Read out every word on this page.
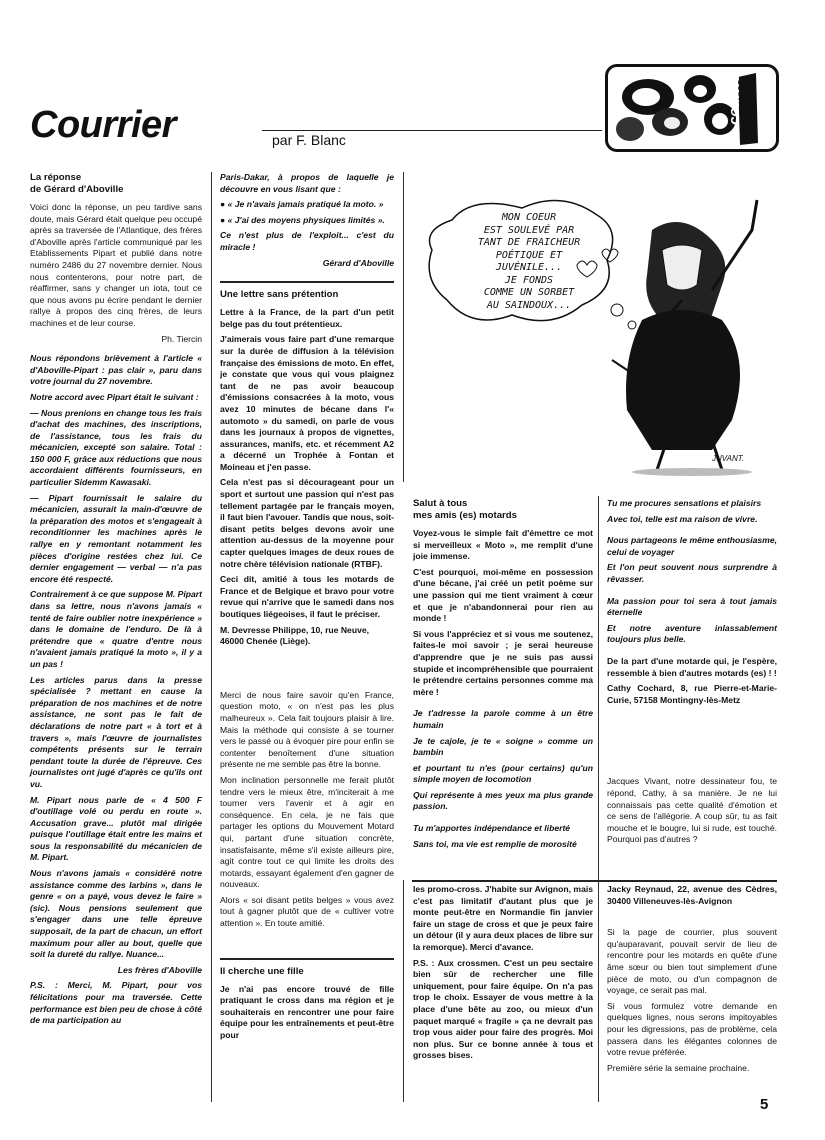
Courrier	par F. Blanc
courrier
La réponse
de Gérard d'Aboville

Voici donc la réponse, un peu tardive sans doute, mais Gérard était quelque peu occupé après sa traversée de l'Atlantique, des frères d'Aboville après l'article communiqué par les Etablissements Pipart et publié dans notre numéro 2486 du 27 novembre dernier. Nous nous contenterons, pour notre part, de réaffirmer, sans y changer un iota, tout ce que nous avons pu écrire pendant le dernier rallye à propos des cinq frères, de leurs machines et de leur course.

Ph. Tiercin

Nous répondons brièvement à l'article « d'Aboville-Pipart : pas clair », paru dans votre journal du 27 novembre.

Notre accord avec Pipart était le suivant :

— Nous prenions en change tous les frais d'achat des machines, des inscriptions, de l'assistance, tous les frais du mécanicien, excepté son salaire. Total : 150 000 F, grâce aux réductions que nous accordaient différents fournisseurs, en particulier Sidemm Kawasaki.

— Pipart fournissait le salaire du mécanicien, assurait la main-d'œuvre de la préparation des motos et s'engageait à reconditionner les machines après le rallye en y remontant notamment les pièces d'origine restées chez lui. Ce dernier engagement — verbal — n'a pas encore été respecté.

Contrairement à ce que suppose M. Pipart dans sa lettre, nous n'avons jamais « tenté de faire oublier notre inexpérience » dans le domaine de l'enduro. De là à prétendre que « quatre d'entre nous n'avaient jamais pratiqué la moto », il y a un pas !

Les articles parus dans la presse spécialisée ? mettant en cause la préparation de nos machines et de notre assistance, ne sont pas le fait de déclarations de notre part « à tort et à travers », mais l'œuvre de journalistes compétents présents sur le terrain pendant toute la durée de l'épreuve. Ces journalistes ont jugé d'après ce qu'ils ont vu.

M. Pipart nous parle de « 4 500 F d'outillage volé ou perdu en route ». Accusation grave... plutôt mal dirigée puisque l'outillage était entre les mains et sous la responsabilité du mécanicien de M. Pipart.

Nous n'avons jamais « considéré notre assistance comme des larbins », dans le genre « on a payé, vous devez le faire » (sic). Nous pensions seulement que s'engager dans une telle épreuve supposait, de la part de chacun, un effort maximum pour aller au bout, quelle que soit la dureté du rallye. Nuance...

Les frères d'Aboville

P.S. : Merci, M. Pipart, pour vos félicitations pour ma traversée. Cette performance est bien peu de chose à côté de ma participation au

Paris-Dakar, à propos de laquelle je découvre en vous lisant que :

● « Je n'avais jamais pratiqué la moto. »

● « J'ai des moyens physiques limités ».

Ce n'est plus de l'exploit... c'est du miracle !

Gérard d'Aboville

Une lettre sans prétention

Lettre à la France, de la part d'un petit belge pas du tout prétentieux.

J'aimerais vous faire part d'une remarque sur la durée de diffusion à la télévision française des émissions de moto. En effet, je constate que vous qui vous plaignez tant de ne pas avoir beaucoup d'émissions consacrées à la moto, vous avez 10 minutes de bécane dans l'« automoto » du samedi, on parle de vous dans les journaux à propos de vignettes, assurances, manifs, etc. et récemment A2 a décerné un Trophée à Fontan et Moineau et j'en passe.

Cela n'est pas si décourageant pour un sport et surtout une passion qui n'est pas tellement partagée par le français moyen, il faut bien l'avouer. Tandis que nous, soit-disant petits belges devons avoir une attention au-dessus de la moyenne pour capter quelques images de deux roues de notre chère télévision nationale (RTBF).

Ceci dit, amitié à tous les motards de France et de Belgique et bravo pour votre revue qui n'arrive que le samedi dans nos boutiques liégeoises, il faut le préciser.

M. Devresse Philippe, 10, rue Neuve, 46000 Chenée (Liège).

Merci de nous faire savoir qu'en France, question moto, « on n'est pas les plus malheureux ». Cela fait toujours plaisir à lire. Mais la méthode qui consiste à se tourner vers le passé ou à évoquer pire pour enfin se contenter benoîtement d'une situation présente ne me semble pas être la bonne.

Mon inclination personnelle me ferait plutôt tendre vers le mieux être, m'inciterait à me tourner vers l'avenir et à agir en conséquence. En cela, je ne fais que partager les options du Mouvement Motard qui, partant d'une situation concrète, insatisfaisante, même s'il existe ailleurs pire, agit contre tout ce qui limite les droits des motards, essayant également d'en gagner de nouveaux.

Alors « soi disant petits belges » vous avez tout à gagner plutôt que de « cultiver votre attention ». En toute amitié.

Il cherche une fille

Je n'ai pas encore trouvé de fille pratiquant le cross dans ma région et je souhaiterais en rencontrer une pour faire équipe pour les entraînements et peut-être pour

MON COEUR
EST SOULEVÉ PAR
TANT DE FRAICHEUR
POÉTIQUE ET
JUVÉNILE...
JE FONDS
COMME UN SORBET
AU SAINDOUX...
JUVANT.
Salut à tous
mes amis (es) motards

Voyez-vous le simple fait d'émettre ce mot si merveilleux « Moto », me remplit d'une joie immense.

C'est pourquoi, moi-même en possession d'une bécane, j'ai créé un petit poème sur une passion qui me tient vraiment à cœur et que je n'abandonnerai pour rien au monde !

Si vous l'appréciez et si vous me soutenez, faites-le moi savoir ; je serai heureuse d'apprendre que je ne suis pas aussi stupide et incompréhensible que pourraient le prétendre certains personnes comme ma mère !

Je t'adresse la parole comme à un être humain

Je te cajole, je te « soigne » comme un bambin

et pourtant tu n'es (pour certains) qu'un simple moyen de locomotion

Qui représente à mes yeux ma plus grande passion.

Tu m'apportes indépendance et liberté

Sans toi, ma vie est remplie de morosité

Tu me procures sensations et plaisirs

Avec toi, telle est ma raison de vivre.

Nous partageons le même enthousiasme, celui de voyager

Et l'on peut souvent nous surprendre à rêvasser.

Ma passion pour toi sera à tout jamais éternelle

Et notre aventure inlassablement toujours plus belle.

De la part d'une motarde qui, je l'espère, ressemble à bien d'autres motards (es) ! !

Cathy Cochard, 8, rue Pierre-et-Marie-Curie, 57158 Montingny-lès-Metz

Jacques Vivant, notre dessinateur fou, te répond, Cathy, à sa manière. Je ne lui connaissais pas cette qualité d'émotion et ce sens de l'allégorie. A coup sûr, tu as fait mouche et le bougre, lui si rude, est touché. Pourquoi pas d'autres ?

les promo-cross. J'habite sur Avignon, mais c'est pas limitatif d'autant plus que je monte peut-être en Normandie fin janvier faire un stage de cross et que je peux faire un détour (il y aura deux places de libre sur la remorque). Merci d'avance.

P.S. : Aux crossmen. C'est un peu sectaire bien sûr de rechercher une fille uniquement, pour faire équipe. On n'a pas trop le choix. Essayer de vous mettre à la place d'une bête au zoo, ou mieux d'un paquet marqué « fragile » ça ne devrait pas trop vous aider pour faire des progrès. Moi non plus. Sur ce bonne année à tous et grosses bises.

Jacky Reynaud, 22, avenue des Cèdres, 30400 Villeneuves-lès-Avignon

Si la page de courrier, plus souvent qu'auparavant, pouvait servir de lieu de rencontre pour les motards en quête d'une âme sœur ou bien tout simplement d'une pièce de moto, ou d'un compagnon de voyage, ce serait pas mal.

Si vous formulez votre demande en quelques lignes, nous serons impitoyables pour les digressions, pas de problème, cela passera dans les élégantes colonnes de votre revue préférée.

Première série la semaine prochaine.

5
